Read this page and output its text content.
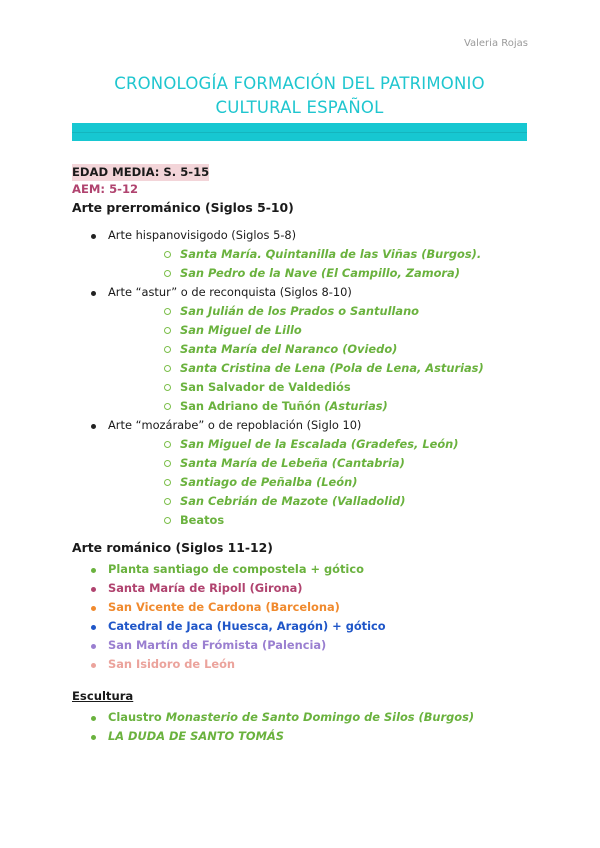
Valeria Rojas
CRONOLOGÍA FORMACIÓN DEL PATRIMONIO
CULTURAL ESPAÑOL
EDAD MEDIA: S. 5-15
AEM: 5-12
Arte prerrománico (Siglos 5-10)
Arte hispanovisigodo (Siglos 5-8)
Santa María. Quintanilla de las Viñas (Burgos).
San Pedro de la Nave (El Campillo, Zamora)
Arte “astur” o de reconquista (Siglos 8-10)
San Julián de los Prados o Santullano
San Miguel de Lillo
Santa María del Naranco (Oviedo)
Santa Cristina de Lena (Pola de Lena, Asturias)
San Salvador de Valdediós
San Adriano de Tuñón (Asturias)
Arte “mozárabe” o de repoblación (Siglo 10)
San Miguel de la Escalada (Gradefes, León)
Santa María de Lebeña (Cantabria)
Santiago de Peñalba (León)
San Cebrián de Mazote (Valladolid)
Beatos
Arte románico (Siglos 11-12)
Planta santiago de compostela + gótico
Santa María de Ripoll (Girona)
San Vicente de Cardona (Barcelona)
Catedral de Jaca (Huesca, Aragón) + gótico
San Martín de Frómista (Palencia)
San Isidoro de León
Escultura
Claustro Monasterio de Santo Domingo de Silos (Burgos)
LA DUDA DE SANTO TOMÁS
